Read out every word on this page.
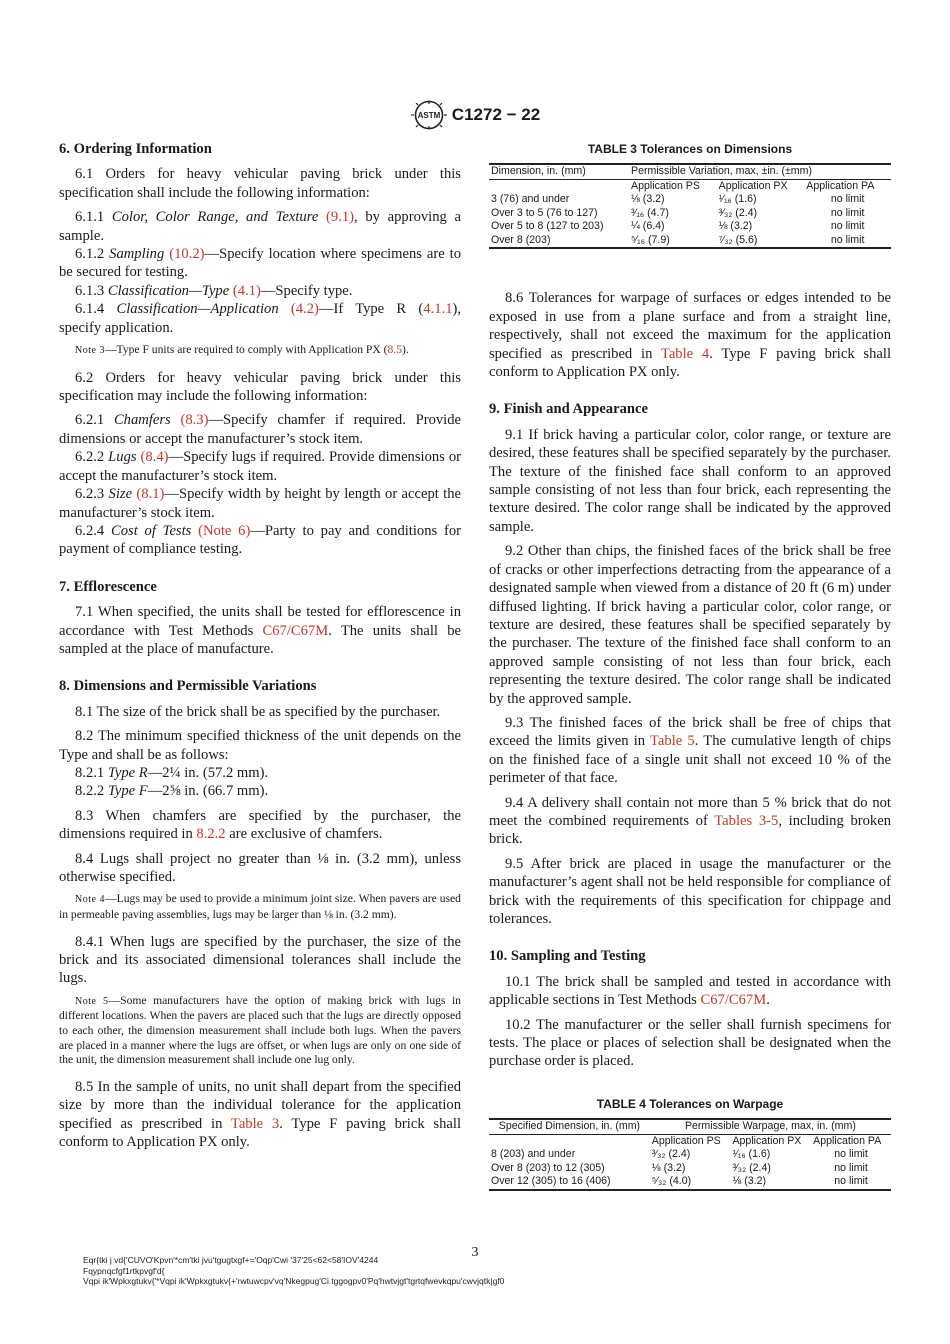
ASTM C1272 − 22
6. Ordering Information

6.1 Orders for heavy vehicular paving brick under this specification shall include the following information:

6.1.1 Color, Color Range, and Texture (9.1), by approving a sample.

6.1.2 Sampling (10.2)—Specify location where specimens are to be secured for testing.

6.1.3 Classification—Type (4.1)—Specify type.

6.1.4 Classification—Application (4.2)—If Type R (4.1.1), specify application.

Note 3—Type F units are required to comply with Application PX (8.5).

6.2 Orders for heavy vehicular paving brick under this specification may include the following information:

6.2.1 Chamfers (8.3)—Specify chamfer if required. Provide dimensions or accept the manufacturer’s stock item.

6.2.2 Lugs (8.4)—Specify lugs if required. Provide dimensions or accept the manufacturer’s stock item.

6.2.3 Size (8.1)—Specify width by height by length or accept the manufacturer’s stock item.

6.2.4 Cost of Tests (Note 6)—Party to pay and conditions for payment of compliance testing.

7. Efflorescence

7.1 When specified, the units shall be tested for efflorescence in accordance with Test Methods C67/C67M. The units shall be sampled at the place of manufacture.

8. Dimensions and Permissible Variations

8.1 The size of the brick shall be as specified by the purchaser.

8.2 The minimum specified thickness of the unit depends on the Type and shall be as follows:

8.2.1 Type R—2¼ in. (57.2 mm).

8.2.2 Type F—2⅝ in. (66.7 mm).

8.3 When chamfers are specified by the purchaser, the dimensions required in 8.2.2 are exclusive of chamfers.

8.4 Lugs shall project no greater than ⅛ in. (3.2 mm), unless otherwise specified.

Note 4—Lugs may be used to provide a minimum joint size. When pavers are used in permeable paving assemblies, lugs may be larger than ⅛ in. (3.2 mm).

8.4.1 When lugs are specified by the purchaser, the size of the brick and its associated dimensional tolerances shall include the lugs.

Note 5—Some manufacturers have the option of making brick with lugs in different locations. When the pavers are placed such that the lugs are directly opposed to each other, the dimension measurement shall include both lugs. When the pavers are placed in a manner where the lugs are offset, or when lugs are only on one side of the unit, the dimension measurement shall include one lug only.

8.5 In the sample of units, no unit shall depart from the specified size by more than the individual tolerance for the application specified as prescribed in Table 3. Type F paving brick shall conform to Application PX only.

TABLE 3 Tolerances on Dimensions
Dimension, in. (mm)	Permissible Variation, max, ±in. (±mm)		
	Application PS	Application PX	Application PA
3 (76) and under	⅛ (3.2)	¹⁄₁₆ (1.6)	no limit
Over 3 to 5 (76 to 127)	³⁄₁₆ (4.7)	³⁄₃₂ (2.4)	no limit
Over 5 to 8 (127 to 203)	¼ (6.4)	⅛ (3.2)	no limit
Over 8 (203)	⁵⁄₁₆ (7.9)	⁷⁄₃₂ (5.6)	no limit

8.6 Tolerances for warpage of surfaces or edges intended to be exposed in use from a plane surface and from a straight line, respectively, shall not exceed the maximum for the application specified as prescribed in Table 4. Type F paving brick shall conform to Application PX only.

9. Finish and Appearance

9.1 If brick having a particular color, color range, or texture are desired, these features shall be specified separately by the purchaser. The texture of the finished face shall conform to an approved sample consisting of not less than four brick, each representing the texture desired. The color range shall be indicated by the approved sample.

9.2 Other than chips, the finished faces of the brick shall be free of cracks or other imperfections detracting from the appearance of a designated sample when viewed from a distance of 20 ft (6 m) under diffused lighting. If brick having a particular color, color range, or texture are desired, these features shall be specified separately by the purchaser. The texture of the finished face shall conform to an approved sample consisting of not less than four brick, each representing the texture desired. The color range shall be indicated by the approved sample.

9.3 The finished faces of the brick shall be free of chips that exceed the limits given in Table 5. The cumulative length of chips on the finished face of a single unit shall not exceed 10 % of the perimeter of that face.

9.4 A delivery shall contain not more than 5 % brick that do not meet the combined requirements of Tables 3-5, including broken brick.

9.5 After brick are placed in usage the manufacturer or the manufacturer’s agent shall not be held responsible for compliance of brick with the requirements of this specification for chippage and tolerances.

10. Sampling and Testing

10.1 The brick shall be sampled and tested in accordance with applicable sections in Test Methods C67/C67M.

10.2 The manufacturer or the seller shall furnish specimens for tests. The place or places of selection shall be designated when the purchase order is placed.

TABLE 4 Tolerances on Warpage
Specified Dimension, in. (mm)	Permissible Warpage, max, in. (mm)		
	Application PS	Application PX	Application PA
8 (203) and under	³⁄₃₂ (2.4)	¹⁄₁₆ (1.6)	no limit
Over 8 (203) to 12 (305)	⅛ (3.2)	³⁄₃₂ (2.4)	no limit
Over 12 (305) to 16 (406)	⁵⁄₃₂ (4.0)	⅛ (3.2)	no limit
3
Eqr{tki j vd{'CUVO'Kpvn'*cm'tki jvu'tgugtxgf+='Oqp'Cwi '37'25<62<58'IOV'4244
Fqypnqcfgf1rtkpvgf'd{
Vqpi ik'Wpkxgtukv{'*Vqpi ik'Wpkxgtukv{+'rwtuwcpv'vq'Nkegpug'Ci tggogpv0'Pq'hwtvjgt'tgrtqfwevkqpu'cwvjqtk|gf0
